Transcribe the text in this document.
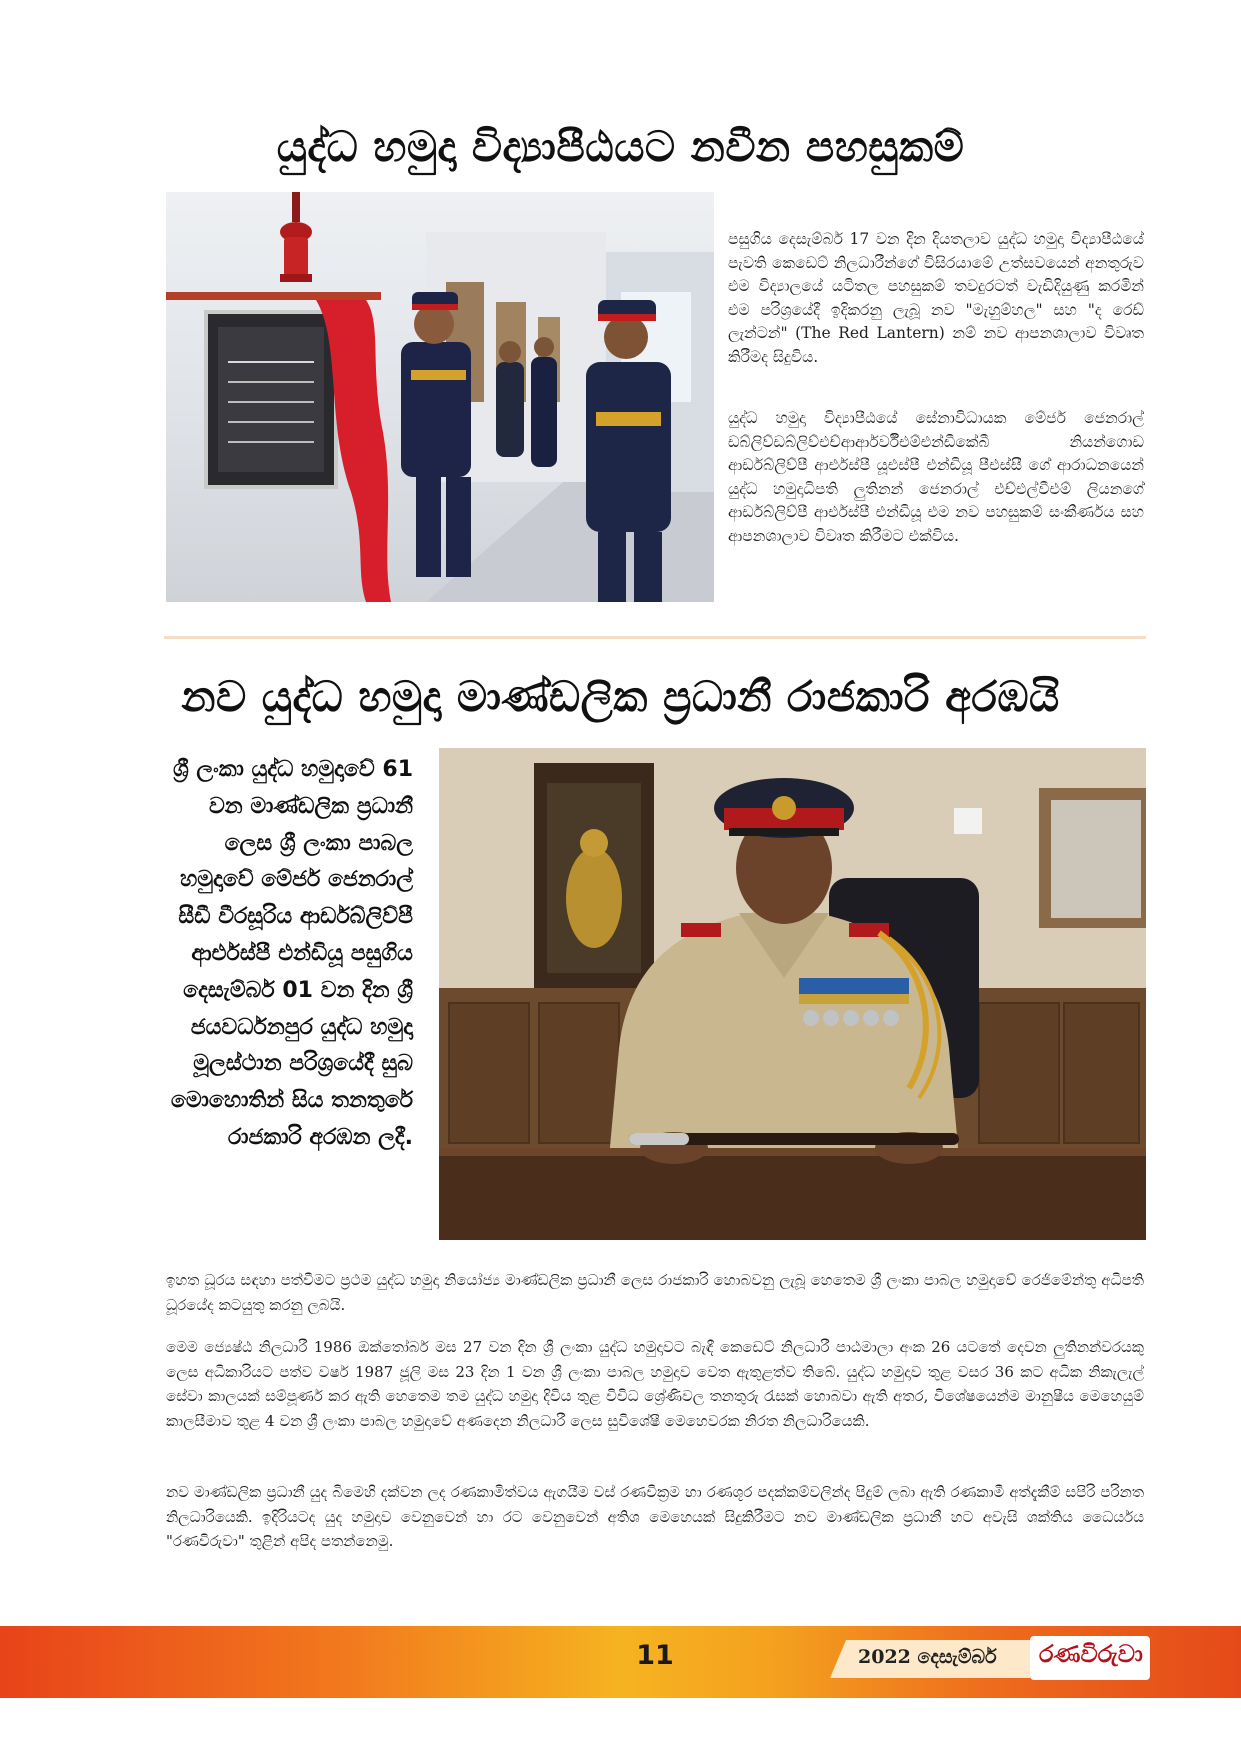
යුද්ධ හමුදා විද්‍යාපීඨයට නවීන පහසුකම්
පසුගිය දෙසැම්බර් 17 වන දින දියතලාව යුද්ධ හමුදා විද්‍යාපීඨයේ පැවති කෙඩෙට් නිලධාරීන්ගේ විසිරයාමේ උත්සවයෙන් අනතුරුව එම විද්‍යාලයේ යටිතල පහසුකම් තවදුරටත් වැඩිදියුණු කරමින් එම පරිශ්‍රයේදී ඉදිකරනු ලැබූ නව "මැහුම්හල" සහ "ද රෙඩ් ලැන්ටන්" (The Red Lantern) නම් නව ආපනශාලාව විවෘත කිරීමද සිදුවිය.
යුද්ධ හමුදා විද්‍යාපීඨයේ සේනාවිධායක මේජර් ජෙනරාල් ඩබ්ලිව්ඩබ්ලිව්එච්ආර්ආර්වීඑම්එන්ඩීකේබී නියන්ගොඩ ආර්ඩබ්ලිව්පී ආර්එස්පී යූඑස්පී එන්ඩියූ පීඑස්සී ගේ ආරාධනයෙන් යුද්ධ හමුදාධිපති ලුතිනන් ජෙනරාල් එච්එල්වීඑම් ලියනගේ ආර්ඩබ්ලිව්පී ආර්එස්පී එන්ඩියූ එම නව පහසුකම් සංකීර්ණය සහ ආපනශාලාව විවෘත කිරීමට එක්විය.
නව යුද්ධ හමුදා මාණ්ඩලික ප්‍රධානී රාජකාරි අරඹයි
ශ්‍රී ලංකා යුද්ධ හමුදාවේ 61 වන මාණ්ඩලික ප්‍රධානී ලෙස ශ්‍රී ලංකා පාබල හමුදාවේ මේජර් ජෙනරාල් සීඩී වීරසූරිය ආර්ඩබ්ලිව්පී ආර්එස්පී එන්ඩියූ පසුගිය දෙසැම්බර් 01 වන දින ශ්‍රී ජයවර්ධනපුර යුද්ධ හමුදා මූලස්ථාන පරිශ්‍රයේදී සුබ මොහොතින් සිය තනතුරේ රාජකාරි අරඹන ලදී.
ඉහත ධූරය සඳහා පත්වීමට ප්‍රථම යුද්ධ හමුදා නියෝජ්‍ය මාණ්ඩලික ප්‍රධානී ලෙස රාජකාරි හොබවනු ලැබූ හෙතෙම ශ්‍රී ලංකා පාබල හමුදාවේ රෙජිමේන්තු අධිපති ධූරයේද කටයුතු කරනු ලබයි.
මෙම ජ්‍යෙෂ්ඨ නිලධාරී 1986 ඔක්තෝබර් මස 27 වන දින ශ්‍රී ලංකා යුද්ධ හමුදාවට බැඳී කෙඩෙට් නිලධාරී පාඨමාලා අංක 26 යටතේ දෙවන ලුතිනන්වරයකු ලෙස අධිකාරියට පත්ව වර්ෂ 1987 ජූලි මස 23 දින 1 වන ශ්‍රී ලංකා පාබල හමුදාව වෙත ඇතුළත්ව තිබේ. යුද්ධ හමුදාව තුළ වසර 36 කට අධික නිකැලැල් සේවා කාලයක් සම්පූර්ණ කර ඇති හෙතෙම තම යුද්ධ හමුදා දිවිය තුළ විවිධ ශ්‍රේණිවල තනතුරු රැසක් හොබවා ඇති අතර, විශේෂයෙන්ම මානුෂීය මෙහෙයුම් කාලසීමාව තුළ 4 වන ශ්‍රී ලංකා පාබල හමුදාවේ අණදෙන නිලධාරී ලෙස සුවිශේෂී මෙහෙවරක නිරත නිලධාරියෙකි.
නව මාණ්ඩලික ප්‍රධානී යුද බිමෙහි දක්වන ලද රණකාමිත්වය ඇගයීම වස් රණවික්‍රම හා රණශූර පදක්කම්වලින්ද පිදුම් ලබා ඇති රණකාමී අත්දැකීම් සපිරි පරිනත නිලධාරියෙකි. ඉදිරියටද යුද හමුදාව වෙනුවෙන් හා රට වෙනුවෙන් අතිශ මෙහෙයක් සිදුකිරීමට නව මාණ්ඩලික ප්‍රධානී හට අවැසි ශක්තිය ධෛර්යය "රණවිරුවා" තුළින් අපිද පතන්නෙමු.
11	2022 දෙසැම්බර්	රණවිරුවා
